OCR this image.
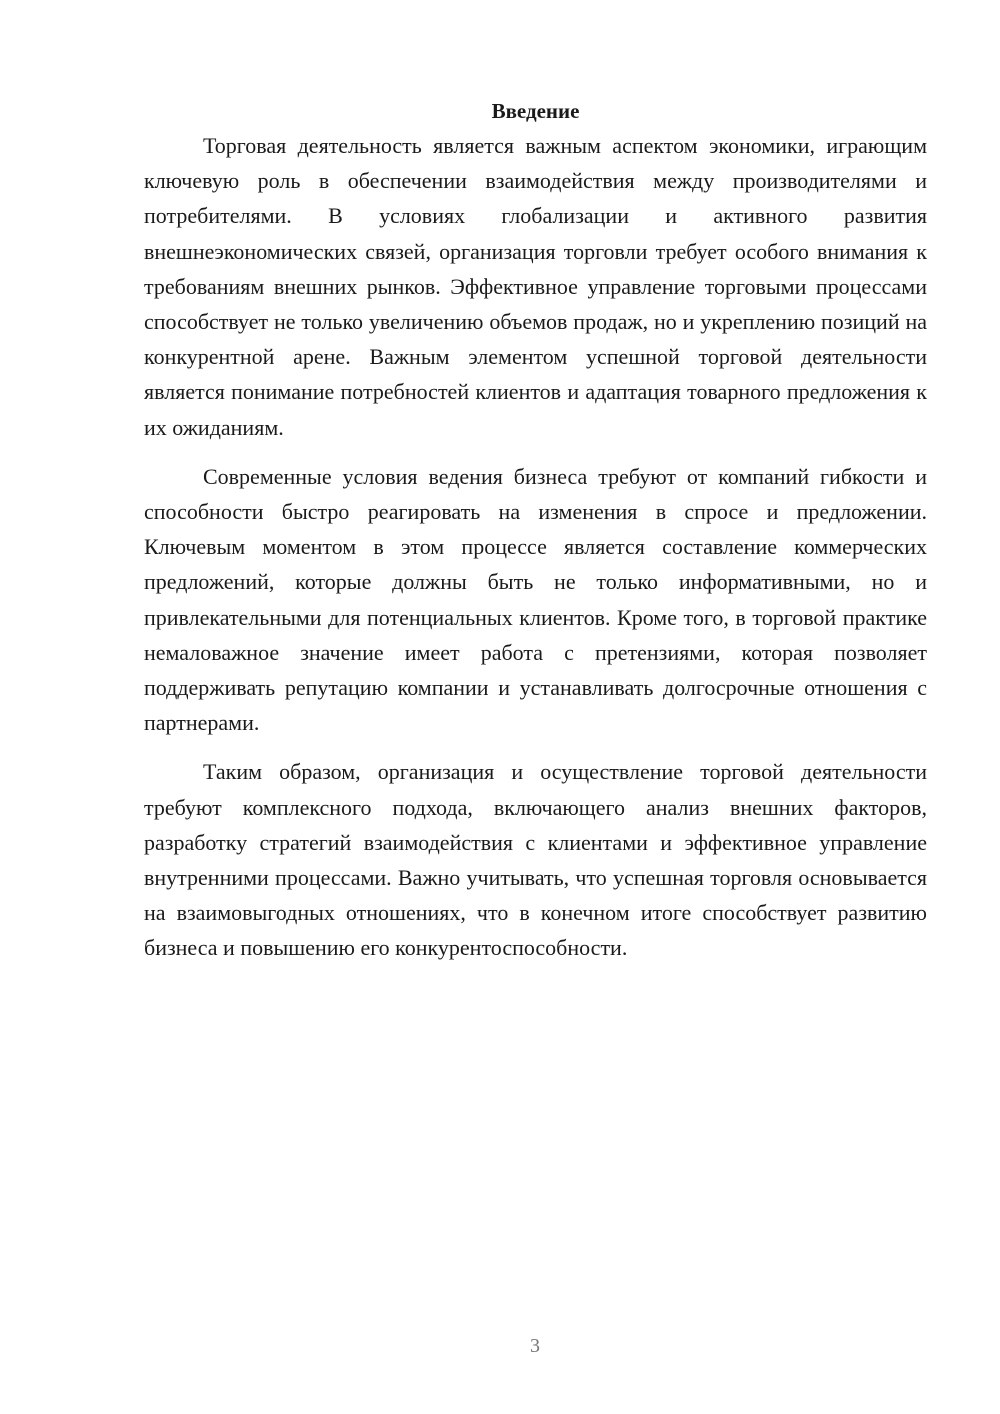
Введение

Торговая деятельность является важным аспектом экономики, играющим ключевую роль в обеспечении взаимодействия между производителями и потребителями. В условиях глобализации и активного развития внешнеэкономических связей, организация торговли требует особого внимания к требованиям внешних рынков. Эффективное управление торговыми процессами способствует не только увеличению объемов продаж, но и укреплению позиций на конкурентной арене. Важным элементом успешной торговой деятельности является понимание потребностей клиентов и адаптация товарного предложения к их ожиданиям.

Современные условия ведения бизнеса требуют от компаний гибкости и способности быстро реагировать на изменения в спросе и предложении. Ключевым моментом в этом процессе является составление коммерческих предложений, которые должны быть не только информативными, но и привлекательными для потенциальных клиентов. Кроме того, в торговой практике немаловажное значение имеет работа с претензиями, которая позволяет поддерживать репутацию компании и устанавливать долгосрочные отношения с партнерами.

Таким образом, организация и осуществление торговой деятельности требуют комплексного подхода, включающего анализ внешних факторов, разработку стратегий взаимодействия с клиентами и эффективное управление внутренними процессами. Важно учитывать, что успешная торговля основывается на взаимовыгодных отношениях, что в конечном итоге способствует развитию бизнеса и повышению его конкурентоспособности.

3
